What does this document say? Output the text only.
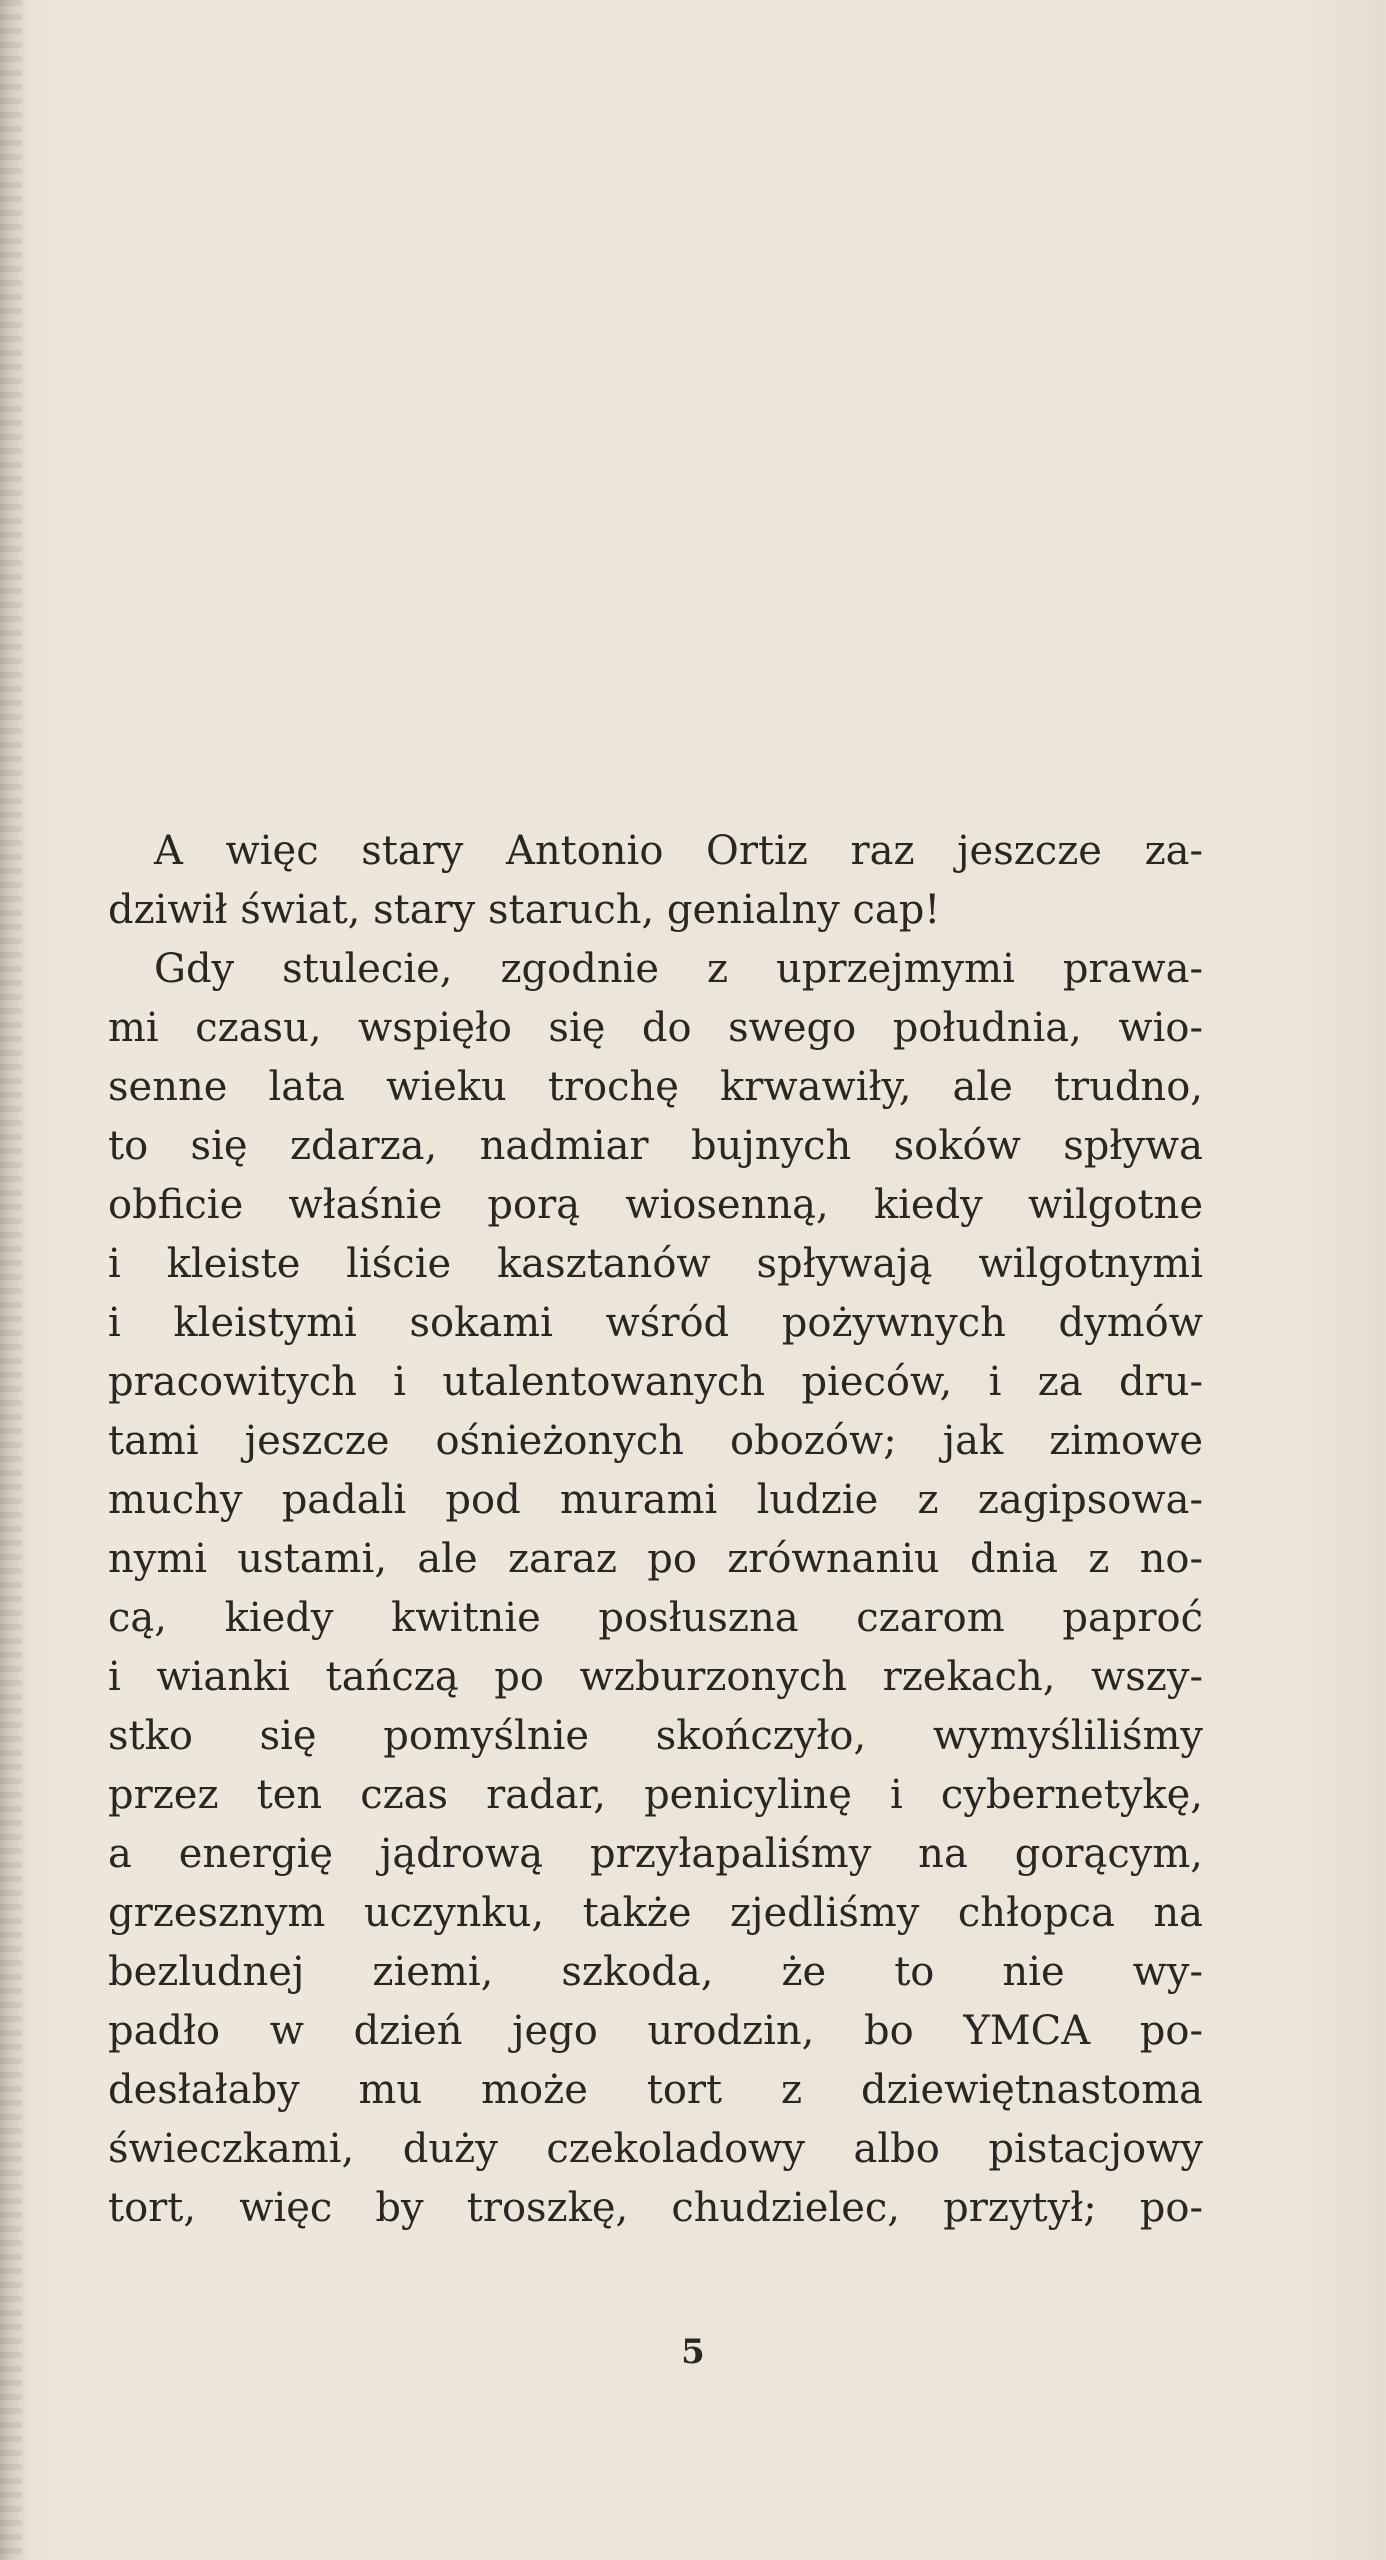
A więc stary Antonio Ortiz raz jeszcze za-
dziwił świat, stary staruch, genialny cap!
Gdy stulecie, zgodnie z uprzejmymi prawa-
mi czasu, wspięło się do swego południa, wio-
senne lata wieku trochę krwawiły, ale trudno,
to się zdarza, nadmiar bujnych soków spływa
obficie właśnie porą wiosenną, kiedy wilgotne
i kleiste liście kasztanów spływają wilgotnymi
i kleistymi sokami wśród pożywnych dymów
pracowitych i utalentowanych pieców, i za dru-
tami jeszcze ośnieżonych obozów; jak zimowe
muchy padali pod murami ludzie z zagipsowa-
nymi ustami, ale zaraz po zrównaniu dnia z no-
cą, kiedy kwitnie posłuszna czarom paproć
i wianki tańczą po wzburzonych rzekach, wszy-
stko się pomyślnie skończyło, wymyśliliśmy
przez ten czas radar, penicylinę i cybernetykę,
a energię jądrową przyłapaliśmy na gorącym,
grzesznym uczynku, także zjedliśmy chłopca na
bezludnej ziemi, szkoda, że to nie wy-
padło w dzień jego urodzin, bo YMCA po-
desłałaby mu może tort z dziewiętnastoma
świeczkami, duży czekoladowy albo pistacjowy
tort, więc by troszkę, chudzielec, przytył; po-
5
